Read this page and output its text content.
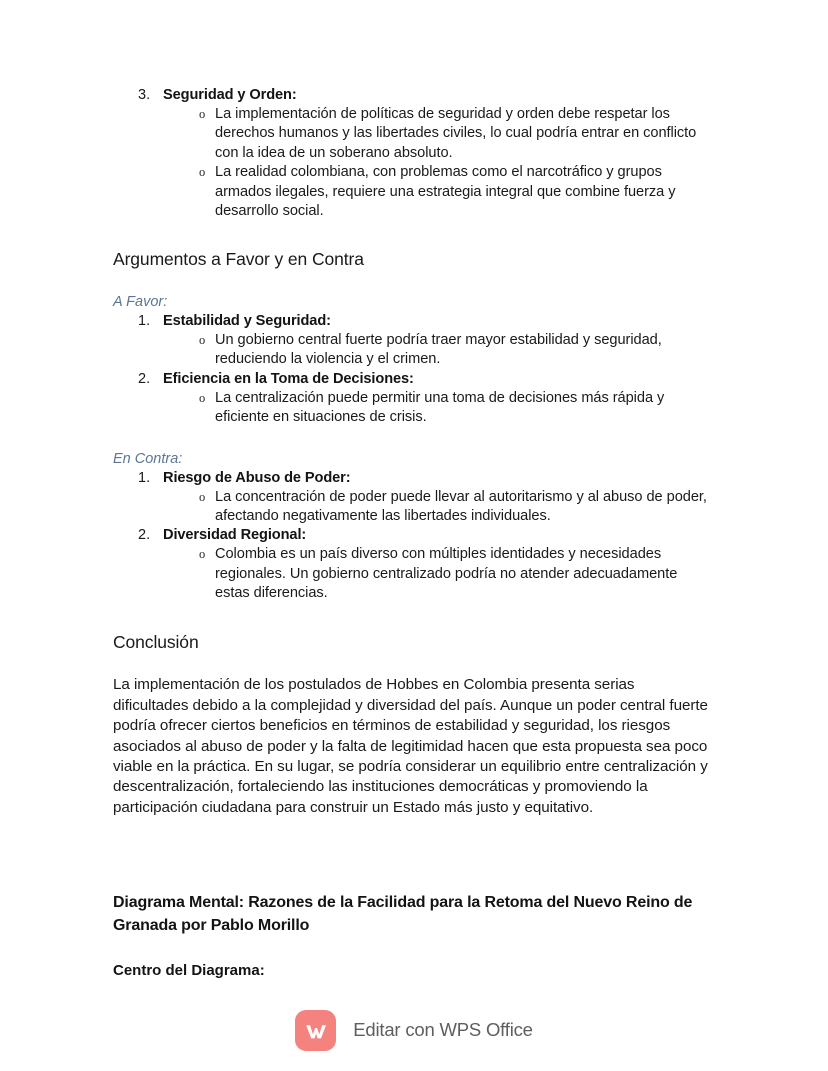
3. Seguridad y Orden:
o La implementación de políticas de seguridad y orden debe respetar los derechos humanos y las libertades civiles, lo cual podría entrar en conflicto con la idea de un soberano absoluto.
o La realidad colombiana, con problemas como el narcotráfico y grupos armados ilegales, requiere una estrategia integral que combine fuerza y desarrollo social.
Argumentos a Favor y en Contra

A Favor:

1. Estabilidad y Seguridad:
o Un gobierno central fuerte podría traer mayor estabilidad y seguridad, reduciendo la violencia y el crimen.
2. Eficiencia en la Toma de Decisiones:
o La centralización puede permitir una toma de decisiones más rápida y eficiente en situaciones de crisis.

En Contra:

1. Riesgo de Abuso de Poder:
o La concentración de poder puede llevar al autoritarismo y al abuso de poder, afectando negativamente las libertades individuales.
2. Diversidad Regional:
o Colombia es un país diverso con múltiples identidades y necesidades regionales. Un gobierno centralizado podría no atender adecuadamente estas diferencias.
Conclusión

La implementación de los postulados de Hobbes en Colombia presenta serias dificultades debido a la complejidad y diversidad del país. Aunque un poder central fuerte podría ofrecer ciertos beneficios en términos de estabilidad y seguridad, los riesgos asociados al abuso de poder y la falta de legitimidad hacen que esta propuesta sea poco viable en la práctica. En su lugar, se podría considerar un equilibrio entre centralización y descentralización, fortaleciendo las instituciones democráticas y promoviendo la participación ciudadana para construir un Estado más justo y equitativo.

Diagrama Mental: Razones de la Facilidad para la Retoma del Nuevo Reino de Granada por Pablo Morillo

Centro del Diagrama:

Editar con WPS Office
